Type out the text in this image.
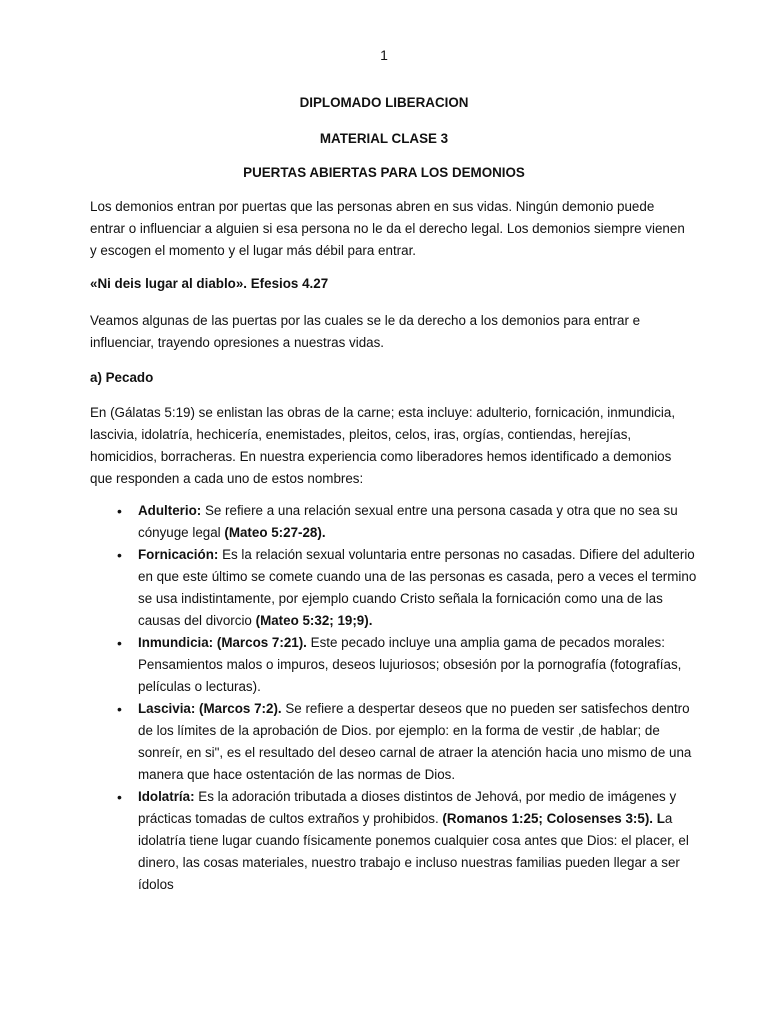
1
DIPLOMADO LIBERACION
MATERIAL CLASE 3
PUERTAS ABIERTAS PARA LOS DEMONIOS

Los demonios entran por puertas que las personas abren en sus vidas. Ningún demonio puede entrar o influenciar a alguien si esa persona no le da el derecho legal. Los demonios siempre vienen y escogen el momento y el lugar más débil para entrar.

«Ni deis lugar al diablo». Efesios 4.27

Veamos algunas de las puertas por las cuales se le da derecho a los demonios para entrar e influenciar, trayendo opresiones a nuestras vidas.

a) Pecado

En (Gálatas 5:19) se enlistan las obras de la carne; esta incluye: adulterio, fornicación, inmundicia, lascivia, idolatría, hechicería, enemistades, pleitos, celos, iras, orgías, contiendas, herejías, homicidios, borracheras. En nuestra experiencia como liberadores hemos identificado a demonios que responden a cada uno de estos nombres:

• Adulterio: Se refiere a una relación sexual entre una persona casada y otra que no sea su cónyuge legal (Mateo 5:27-28).
• Fornicación: Es la relación sexual voluntaria entre personas no casadas. Difiere del adulterio en que este último se comete cuando una de las personas es casada, pero a veces el termino se usa indistintamente, por ejemplo cuando Cristo señala la fornicación como una de las causas del divorcio (Mateo 5:32; 19;9).
• Inmundicia: (Marcos 7:21). Este pecado incluye una amplia gama de pecados morales: Pensamientos malos o impuros, deseos lujuriosos; obsesión por la pornografía (fotografías, películas o lecturas).
• Lascivia: (Marcos 7:2). Se refiere a despertar deseos que no pueden ser satisfechos dentro de los límites de la aprobación de Dios. por ejemplo: en la forma de vestir ,de hablar; de sonreír, en si", es el resultado del deseo carnal de atraer la atención hacia uno mismo de una manera que hace ostentación de las normas de Dios.
• Idolatría: Es la adoración tributada a dioses distintos de Jehová, por medio de imágenes y prácticas tomadas de cultos extraños y prohibidos. (Romanos 1:25; Colosenses 3:5). La idolatría tiene lugar cuando físicamente ponemos cualquier cosa antes que Dios: el placer, el dinero, las cosas materiales, nuestro trabajo e incluso nuestras familias pueden llegar a ser ídolos
